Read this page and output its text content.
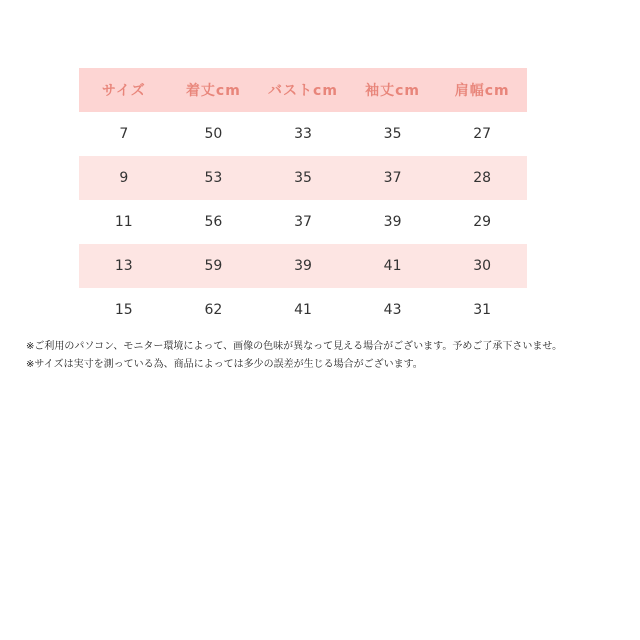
サイズ	着丈cm	バストcm	袖丈cm	肩幅cm
7	50	33	35	27
9	53	35	37	28
11	56	37	39	29
13	59	39	41	30
15	62	41	43	31

※ご利用のパソコン、モニター環境によって、画像の色味が異なって見える場合がございます。予めご了承下さいませ。

※サイズは実寸を測っている為、商品によっては多少の誤差が生じる場合がございます。
